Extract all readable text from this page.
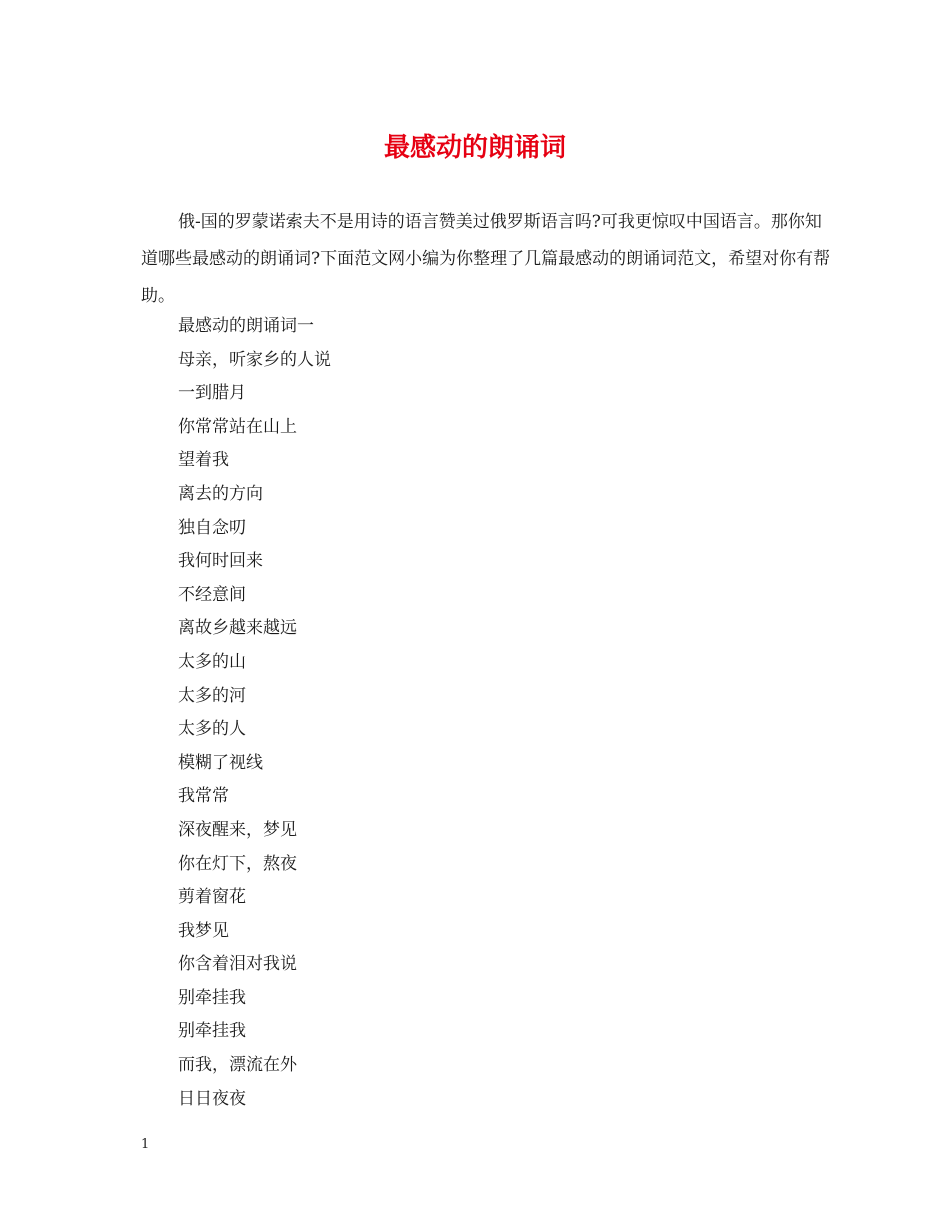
最感动的朗诵词

俄-国的罗蒙诺索夫不是用诗的语言赞美过俄罗斯语言吗?可我更惊叹中国语言。那你知道哪些最感动的朗诵词?下面范文网小编为你整理了几篇最感动的朗诵词范文，希望对你有帮助。

最感动的朗诵词一
母亲，听家乡的人说
一到腊月
你常常站在山上
望着我
离去的方向
独自念叨
我何时回来
不经意间
离故乡越来越远
太多的山
太多的河
太多的人
模糊了视线
我常常
深夜醒来，梦见
你在灯下，熬夜
剪着窗花
我梦见
你含着泪对我说
别牵挂我
别牵挂我
而我，漂流在外
日日夜夜
1
